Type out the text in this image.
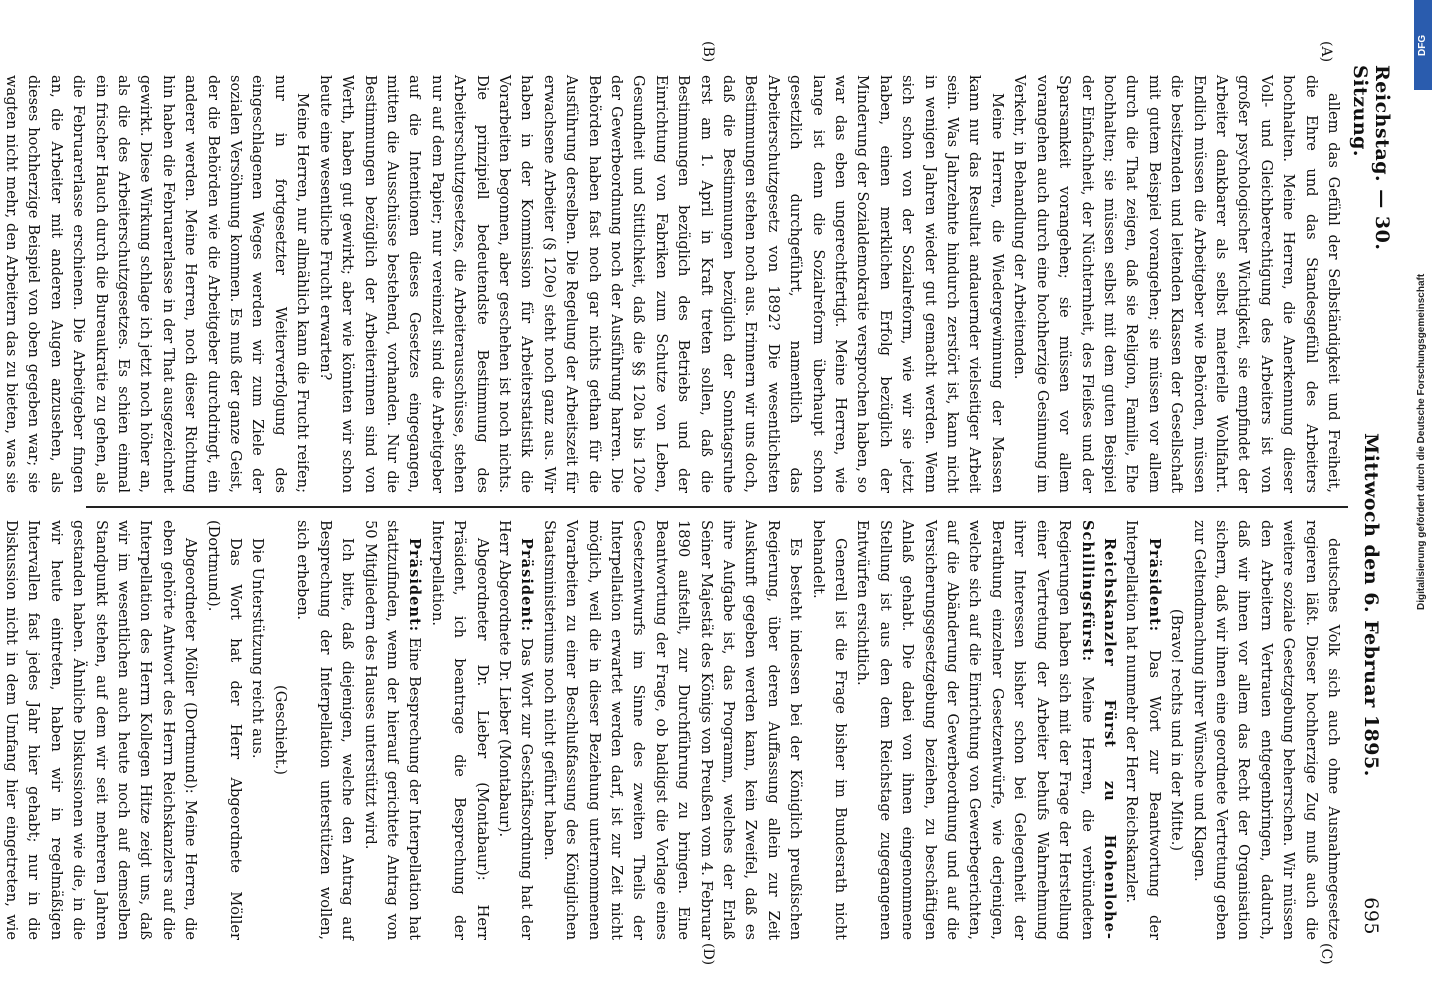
DFG
Digitalisierung gefördert durch die Deutsche Forschungsgemeinschaft
Reichstag. — 30. Sitzung.
Mittwoch den 6. Februar 1895.
695
(A)
(B)
(C)
(D)

allem das Gefühl der Selbständigkeit und Freiheit, die Ehre und das Standesgefühl des Arbeiters hochhalten. Meine Herren, die Anerkennung dieser Voll- und Gleichberechtigung des Arbeiters ist von großer psychologischer Wichtigkeit, sie empfindet der Arbeiter dankbarer als selbst materielle Wohlfahrt. Endlich müssen die Arbeitgeber wie Behörden, müssen die besitzenden und leitenden Klassen der Gesellschaft mit gutem Beispiel vorangehen; sie müssen vor allem durch die That zeigen, daß sie Religion, Familie, Ehe hochhalten; sie müssen selbst mit dem guten Beispiel der Einfachheit, der Nüchternheit, des Fleißes und der Sparsamkeit vorangehen; sie müssen vor allem vorangehen auch durch eine hochherzige Gesinnung im Verkehr, in Behandlung der Arbeitenden.

Meine Herren, die Wiedergewinnung der Massen kann nur das Resultat andauernder vielseitiger Arbeit sein. Was Jahrzehnte hindurch zerstört ist, kann nicht in wenigen Jahren wieder gut gemacht werden. Wenn sich schon von der Sozialreform, wie wir sie jetzt haben, einen merklichen Erfolg bezüglich der Minderung der Sozialdemokratie versprochen haben, so war das eben ungerechtfertigt. Meine Herren, wie lange ist denn die Sozialreform überhaupt schon gesetzlich durchgeführt, namentlich das Arbeiterschutzgesetz von 1892? Die wesentlichsten Bestimmungen stehen noch aus. Erinnern wir uns doch, daß die Bestimmungen bezüglich der Sonntagsruhe erst am 1. April in Kraft treten sollen, daß die Bestimmungen bezüglich des Betriebs und der Einrichtung von Fabriken zum Schutze von Leben, Gesundheit und Sittlichkeit, daß die §§ 120a bis 120e der Gewerbeordnung noch der Ausführung harren. Die Behörden haben fast noch gar nichts gethan für die Ausführung derselben. Die Regelung der Arbeitszeit für erwachsene Arbeiter (§ 120e) steht noch ganz aus. Wir haben in der Kommission für Arbeiterstatistik die Vorarbeiten begonnen, aber geschehen ist noch nichts. Die prinzipiell bedeutendste Bestimmung des Arbeiterschutzgesetzes, die Arbeiterausschüsse, stehen nur auf dem Papier; nur vereinzelt sind die Arbeitgeber auf die Intentionen dieses Gesetzes eingegangen, mitten die Ausschüsse bestehend, vorhanden. Nur die Bestimmungen bezüglich der Arbeiterinnen sind von Werth, haben gut gewirkt; aber wie könnten wir schon heute eine wesentliche Frucht erwarten?

Meine Herren, nur allmählich kann die Frucht reifen; nur in fortgesetzter Weiterverfolgung des eingeschlagenen Weges werden wir zum Ziele der sozialen Versöhnung kommen. Es muß der ganze Geist, der die Behörden wie die Arbeitgeber durchdringt, ein anderer werden. Meine Herren, noch dieser Richtung hin haben die Februarerlasse in der That ausgezeichnet gewirkt. Diese Wirkung schlage ich jetzt noch höher an, als die des Arbeiterschutzgesetzes. Es schien einmal ein frischer Hauch durch die Bureaukratie zu gehen, als die Februarerlasse erschienen. Die Arbeitgeber fingen an, die Arbeiter mit anderen Augen anzusehen, als dieses hochherzige Beispiel von oben gegeben war; sie wagten nicht mehr, den Arbeitern das zu bieten, was sie

deutsches Volk sich auch ohne Ausnahmegesetze regieren läßt. Dieser hochherzige Zug muß auch die weitere soziale Gesetzgebung beherrschen. Wir müssen den Arbeitern Vertrauen entgegenbringen, dadurch, daß wir ihnen vor allem das Recht der Organisation sichern, daß wir ihnen eine geordnete Vertretung geben zur Geltendmachung ihrer Wünsche und Klagen.

(Bravo! rechts und in der Mitte.)

Präsident: Das Wort zur Beantwortung der Interpellation hat nunmehr der Herr Reichskanzler.

Reichskanzler Fürst zu Hohenlohe-Schillingsfürst: Meine Herren, die verbündeten Regierungen haben sich mit der Frage der Herstellung einer Vertretung der Arbeiter behufs Wahrnehmung ihrer Interessen bisher schon bei Gelegenheit der Berathung einzelner Gesetzentwürfe, wie derjenigen, welche sich auf die Einrichtung von Gewerbegerichten, auf die Abänderung der Gewerbeordnung und auf die Versicherungsgesetzgebung beziehen, zu beschäftigen Anlaß gehabt. Die dabei von ihnen eingenommene Stellung ist aus den dem Reichstage zugegangenen Entwürfen ersichtlich.

Generell ist die Frage bisher im Bundesrath nicht behandelt.

Es besteht indessen bei der Königlich preußischen Regierung, über deren Auffassung allein zur Zeit Auskunft gegeben werden kann, kein Zweifel, daß es ihre Aufgabe ist, das Programm, welches der Erlaß Seiner Majestät des Königs von Preußen vom 4. Februar 1890 aufstellt, zur Durchführung zu bringen. Eine Beantwortung der Frage, ob baldigst die Vorlage eines Gesetzentwurfs im Sinne des zweiten Theils der Interpellation erwartet werden darf, ist zur Zeit nicht möglich, weil die in dieser Beziehung unternommenen Vorarbeiten zu einer Beschlußfassung des Königlichen Staatsministeriums noch nicht geführt haben.

Präsident: Das Wort zur Geschäftsordnung hat der Herr Abgeordnete Dr. Lieber (Montabaur).

Abgeordneter Dr. Lieber (Montabaur): Herr Präsident, ich beantrage die Besprechung der Interpellation.

Präsident: Eine Besprechung der Interpellation hat stattzufinden, wenn der hierauf gerichtete Antrag von 50 Mitgliedern des Hauses unterstützt wird.

Ich bitte, daß diejenigen, welche den Antrag auf Besprechung der Interpellation unterstützen wollen, sich erheben.

(Geschieht.)

Die Unterstützung reicht aus.

Das Wort hat der Herr Abgeordnete Möller (Dortmund).

Abgeordneter Möller (Dortmund): Meine Herren, die eben gehörte Antwort des Herrn Reichskanzlers auf die Interpellation des Herrn Kollegen Hitze zeigt uns, daß wir im wesentlichen auch heute noch auf demselben Standpunkt stehen, auf dem wir seit mehreren Jahren gestanden haben. Ähnliche Diskussionen wie die, in die wir heute eintreten, haben wir in regelmäßigen Intervallen fast jedes Jahr hier gehabt; nur in die Diskussion nicht in dem Umfang hier eingetreten, wie
